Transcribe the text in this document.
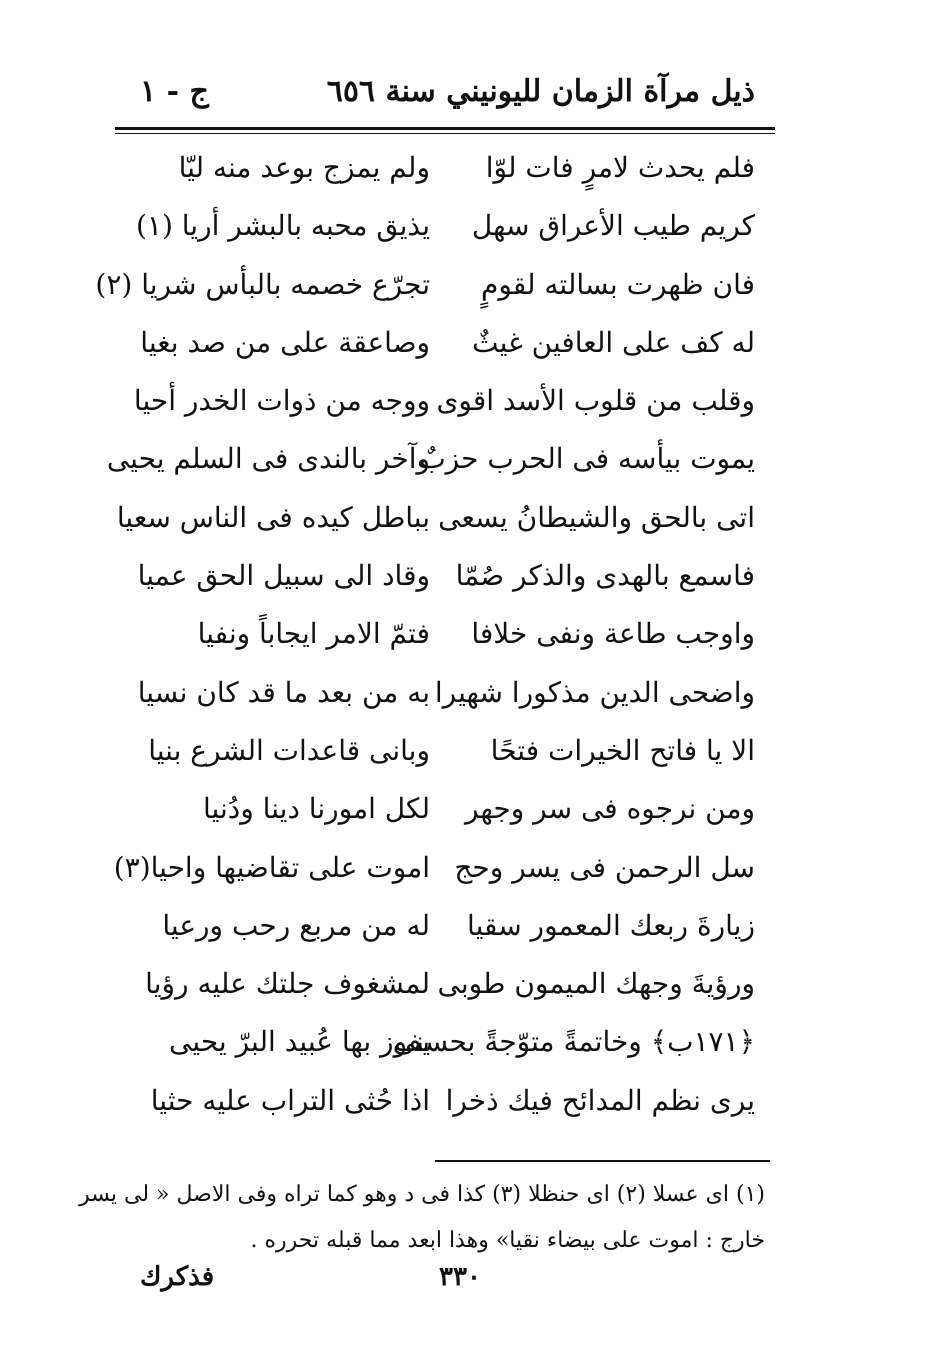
ذيل مرآة الزمان لليونيني سنة ٦٥٦
ج - ١
فلم يحدث لامرٍ فات لوّا
ولم يمزج بوعد منه ليّا
كريم طيب الأعراق سهل
يذيق محبه بالبشر أريا (١)
فان ظهرت بسالته لقومٍ
تجرّع خصمه بالبأس شريا (٢)
له كف على العافين غيثٌ
وصاعقة على من صد بغيا
وقلب من قلوب الأسد اقوى
ووجه من ذوات الخدر أحيا
يموت بيأسه فى الحرب حزبٌ
وآخر بالندى فى السلم يحيى
اتى بالحق والشيطانُ يسعى
بباطل كيده فى الناس سعيا
فاسمع بالهدى والذكر صُمّا
وقاد الى سبيل الحق عميا
واوجب طاعة ونفى خلافا
فتمّ الامر ايجاباً ونفيا
واضحى الدين مذكورا شهيرا
به من بعد ما قد كان نسيا
الا يا فاتح الخيرات فتحًا
وبانى قاعدات الشرع بنيا
ومن نرجوه فى سر وجهر
لكل امورنا دينا ودُنيا
سل الرحمن فى يسر وحج
اموت على تقاضيها واحيا(٣)
زيارةَ ربعك المعمور سقيا
له من مربع رحب ورعيا
ورؤيةَ وجهك الميمون طوبى
لمشغوف جلتك عليه رؤيا
﴿١٧١ب﴾ وخاتمةً متوّجةً بحسنى
يفوز بها عُبيد البرّ يحيى
يرى نظم المدائح فيك ذخرا
اذا حُثى التراب عليه حثيا

(١) اى عسلا (٢) اى حنظلا (٣) كذا فى د وهو كما تراه وفى الاصل « لى يسر

خارج : اموت على بيضاء نقيا» وهذا ابعد مما قبله تحرره .

فذكرك	٣٣٠
